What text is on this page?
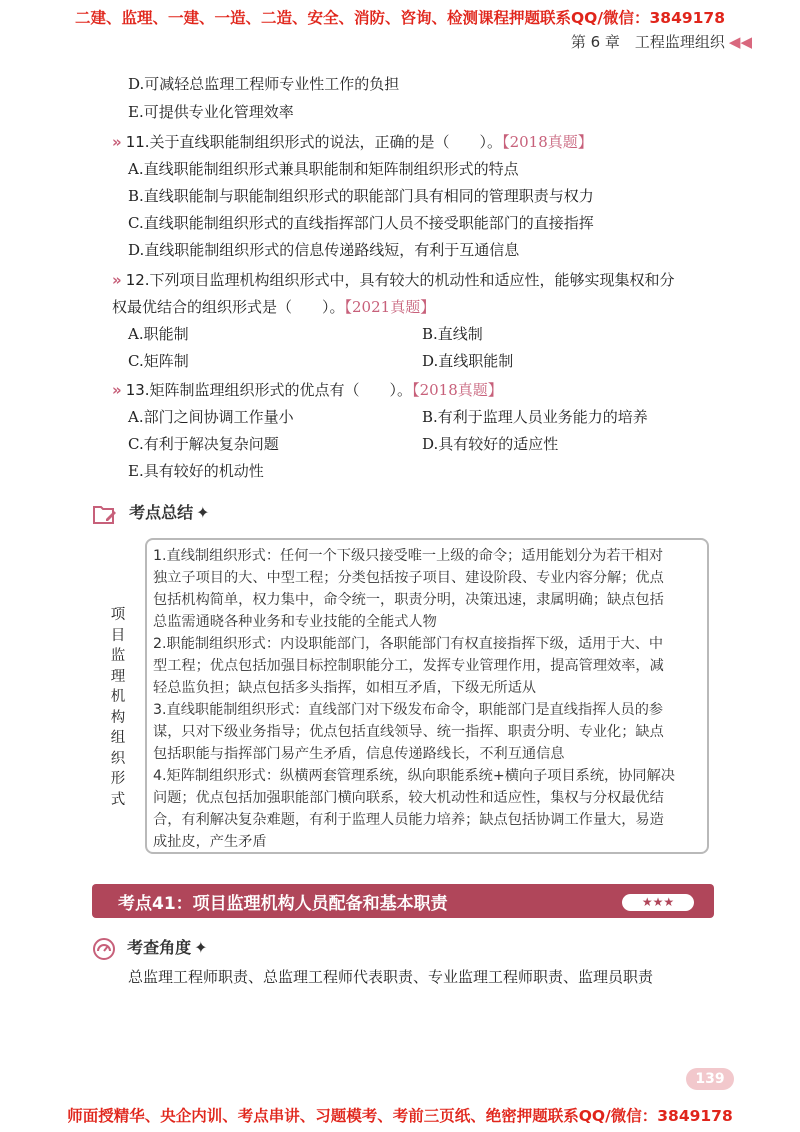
二建、监理、一建、一造、二造、安全、消防、咨询、检测课程押题联系QQ/微信：3849178
第 6 章　工程监理组织 ◀◀
D.可减轻总监理工程师专业性工作的负担
E.可提供专业化管理效率
» 11.关于直线职能制组织形式的说法，正确的是（　　）。【2018真题】
A.直线职能制组织形式兼具职能制和矩阵制组织形式的特点
B.直线职能制与职能制组织形式的职能部门具有相同的管理职责与权力
C.直线职能制组织形式的直线指挥部门人员不接受职能部门的直接指挥
D.直线职能制组织形式的信息传递路线短，有利于互通信息
» 12.下列项目监理机构组织形式中，具有较大的机动性和适应性，能够实现集权和分
权最优结合的组织形式是（　　）。【2021真题】
A.职能制	B.直线制
C.矩阵制	D.直线职能制
» 13.矩阵制监理组织形式的优点有（　　）。【2018真题】
A.部门之间协调工作量小	B.有利于监理人员业务能力的培养
C.有利于解决复杂问题	D.具有较好的适应性
E.具有较好的机动性
考点总结 ✦
项
目
监
理
机
构
组
织
形
式
1.直线制组织形式：任何一个下级只接受唯一上级的命令；适用能划分为若干相对
独立子项目的大、中型工程；分类包括按子项目、建设阶段、专业内容分解；优点
包括机构简单，权力集中，命令统一，职责分明，决策迅速，隶属明确；缺点包括
总监需通晓各种业务和专业技能的全能式人物
2.职能制组织形式：内设职能部门，各职能部门有权直接指挥下级，适用于大、中
型工程；优点包括加强目标控制职能分工，发挥专业管理作用，提高管理效率，减
轻总监负担；缺点包括多头指挥，如相互矛盾，下级无所适从
3.直线职能制组织形式：直线部门对下级发布命令，职能部门是直线指挥人员的参
谋，只对下级业务指导；优点包括直线领导、统一指挥、职责分明、专业化；缺点
包括职能与指挥部门易产生矛盾，信息传递路线长，不利互通信息
4.矩阵制组织形式：纵横两套管理系统，纵向职能系统+横向子项目系统，协同解决
问题；优点包括加强职能部门横向联系，较大机动性和适应性，集权与分权最优结
合，有利解决复杂难题，有利于监理人员能力培养；缺点包括协调工作量大，易造
成扯皮，产生矛盾
考点41：项目监理机构人员配备和基本职责	★★★
考查角度 ✦
总监理工程师职责、总监理工程师代表职责、专业监理工程师职责、监理员职责
139
师面授精华、央企内训、考点串讲、习题模考、考前三页纸、绝密押题联系QQ/微信：3849178
